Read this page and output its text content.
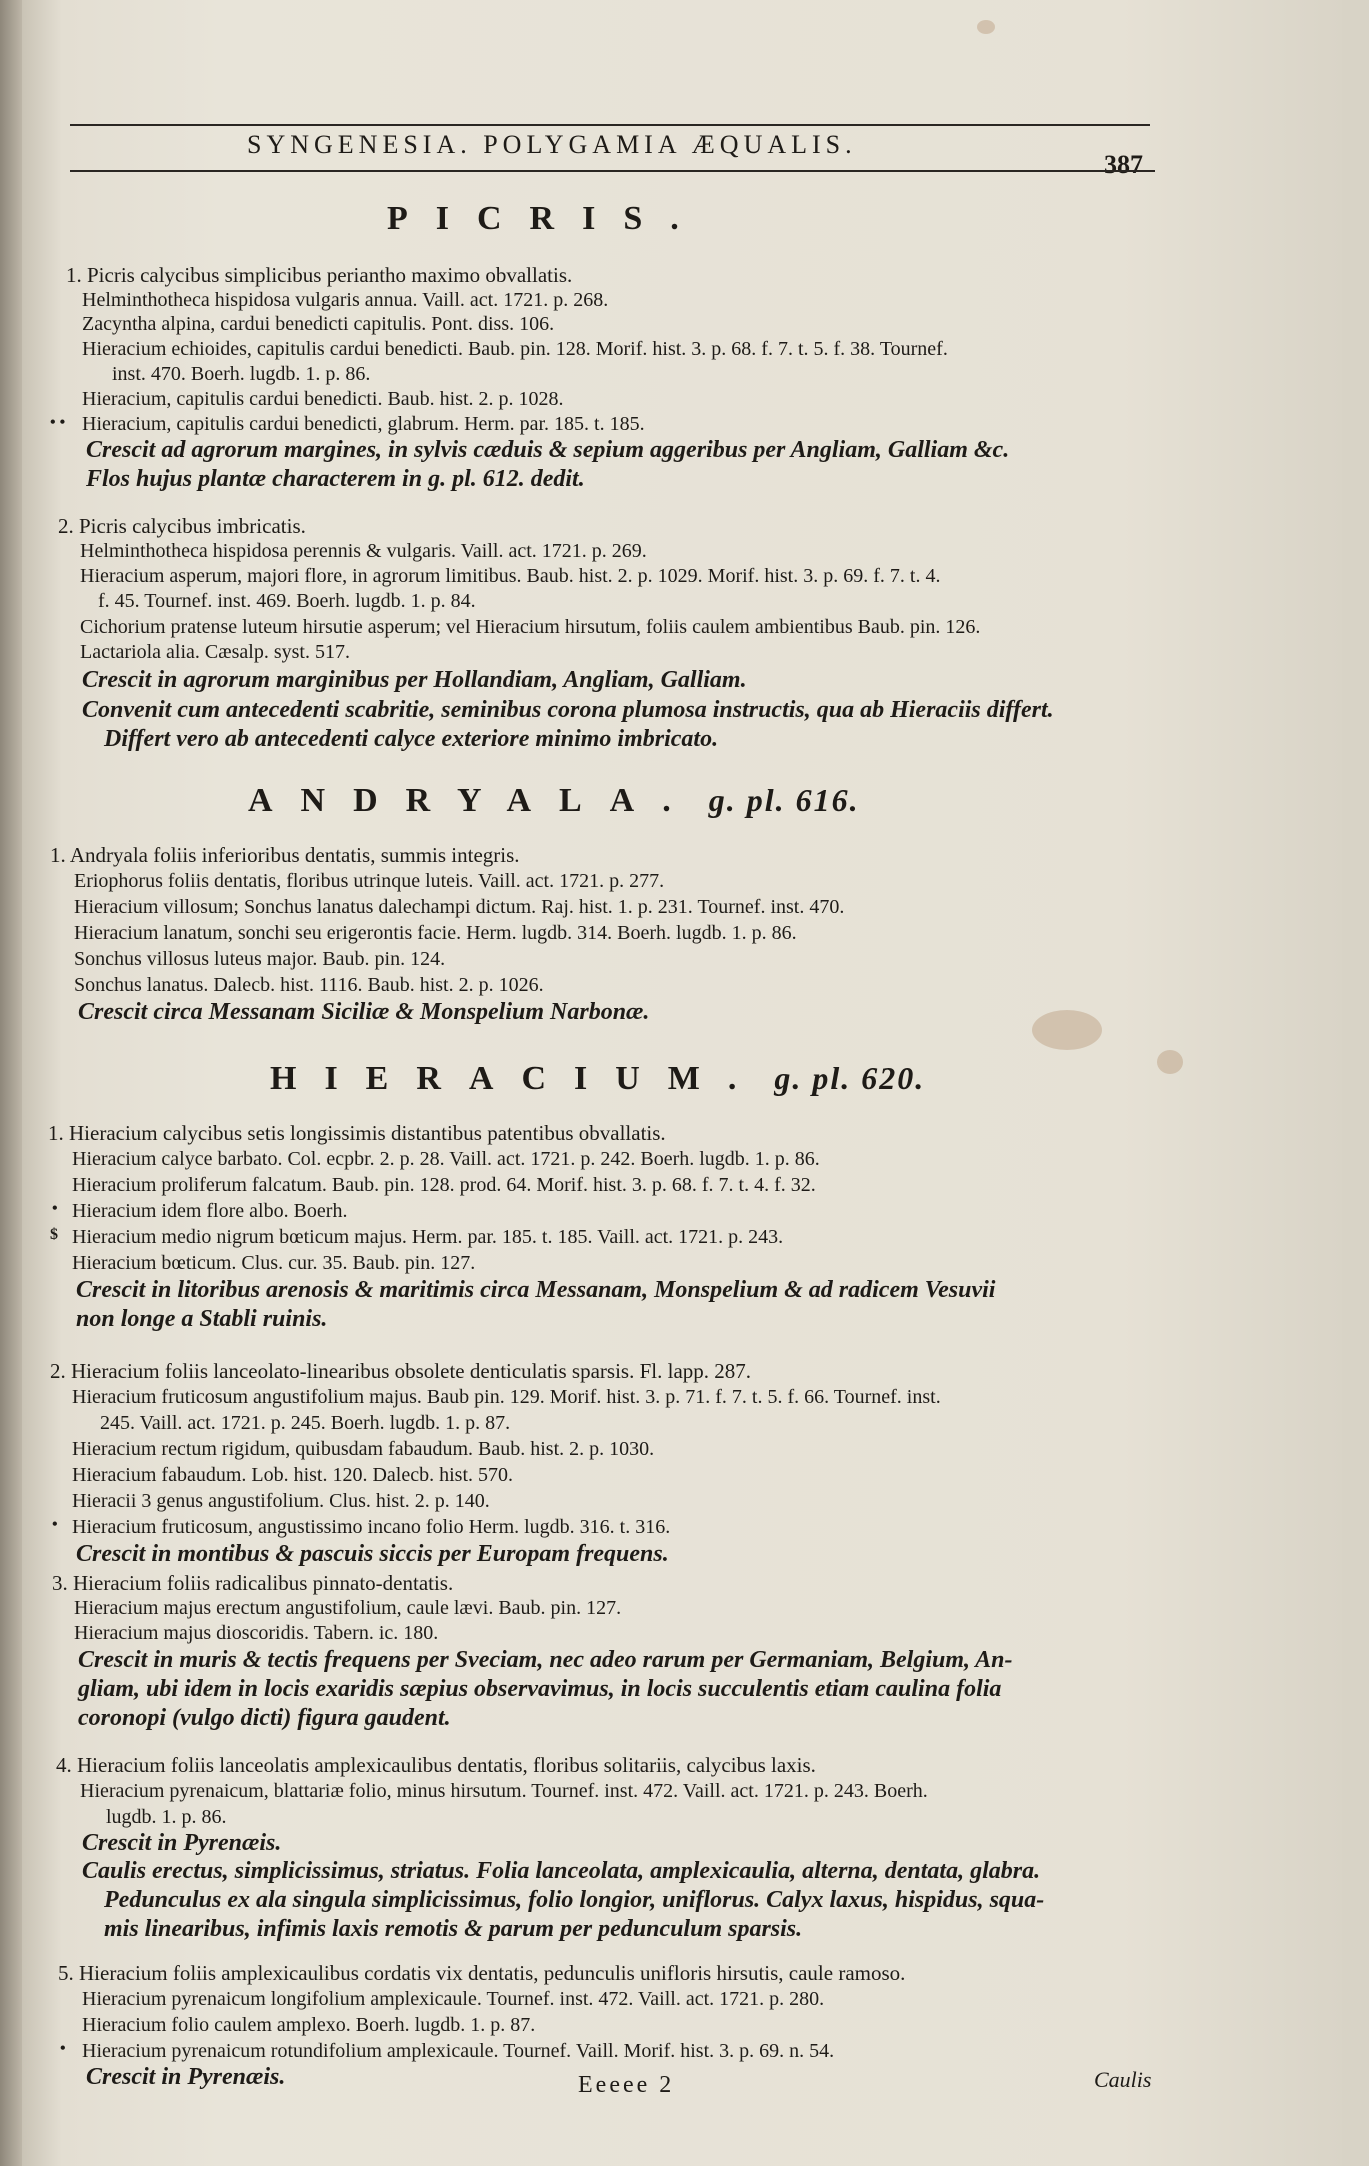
SYNGENESIA. POLYGAMIA ÆQUALIS.
387
PICRIS.
1. Picris calycibus simplicibus periantho maximo obvallatis.
Helminthotheca hispidosa vulgaris annua. Vaill. act. 1721. p. 268.
Zacyntha alpina, cardui benedicti capitulis. Pont. diss. 106.
Hieracium echioides, capitulis cardui benedicti. Baub. pin. 128. Morif. hist. 3. p. 68. f. 7. t. 5. f. 38. Tournef.
inst. 470. Boerh. lugdb. 1. p. 86.
Hieracium, capitulis cardui benedicti. Baub. hist. 2. p. 1028.
• • Hieracium, capitulis cardui benedicti, glabrum. Herm. par. 185. t. 185.
Crescit ad agrorum margines, in sylvis cæduis & sepium aggeribus per Angliam, Galliam &c.
Flos hujus plantæ characterem in g. pl. 612. dedit.
2. Picris calycibus imbricatis.
Helminthotheca hispidosa perennis & vulgaris. Vaill. act. 1721. p. 269.
Hieracium asperum, majori flore, in agrorum limitibus. Baub. hist. 2. p. 1029. Morif. hist. 3. p. 69. f. 7. t. 4.
f. 45. Tournef. inst. 469. Boerh. lugdb. 1. p. 84.
Cichorium pratense luteum hirsutie asperum; vel Hieracium hirsutum, foliis caulem ambientibus Baub. pin. 126.
Lactariola alia. Cæsalp. syst. 517.
Crescit in agrorum marginibus per Hollandiam, Angliam, Galliam.
Convenit cum antecedenti scabritie, seminibus corona plumosa instructis, qua ab Hieraciis differt.
Differt vero ab antecedenti calyce exteriore minimo imbricato.
ANDRYALA. g. pl. 616.
1. Andryala foliis inferioribus dentatis, summis integris.
Eriophorus foliis dentatis, floribus utrinque luteis. Vaill. act. 1721. p. 277.
Hieracium villosum; Sonchus lanatus dalechampi dictum. Raj. hist. 1. p. 231. Tournef. inst. 470.
Hieracium lanatum, sonchi seu erigerontis facie. Herm. lugdb. 314. Boerh. lugdb. 1. p. 86.
Sonchus villosus luteus major. Baub. pin. 124.
Sonchus lanatus. Dalecb. hist. 1116. Baub. hist. 2. p. 1026.
Crescit circa Messanam Siciliæ & Monspelium Narbonæ.
HIERACIUM. g. pl. 620.
1. Hieracium calycibus setis longissimis distantibus patentibus obvallatis.
Hieracium calyce barbato. Col. ecpbr. 2. p. 28. Vaill. act. 1721. p. 242. Boerh. lugdb. 1. p. 86.
Hieracium proliferum falcatum. Baub. pin. 128. prod. 64. Morif. hist. 3. p. 68. f. 7. t. 4. f. 32.
• Hieracium idem flore albo. Boerh.
$ Hieracium medio nigrum bœticum majus. Herm. par. 185. t. 185. Vaill. act. 1721. p. 243.
Hieracium bœticum. Clus. cur. 35. Baub. pin. 127.
Crescit in litoribus arenosis & maritimis circa Messanam, Monspelium & ad radicem Vesuvii
non longe a Stabli ruinis.
2. Hieracium foliis lanceolato-linearibus obsolete denticulatis sparsis. Fl. lapp. 287.
Hieracium fruticosum angustifolium majus. Baub pin. 129. Morif. hist. 3. p. 71. f. 7. t. 5. f. 66. Tournef. inst.
245. Vaill. act. 1721. p. 245. Boerh. lugdb. 1. p. 87.
Hieracium rectum rigidum, quibusdam fabaudum. Baub. hist. 2. p. 1030.
Hieracium fabaudum. Lob. hist. 120. Dalecb. hist. 570.
Hieracii 3 genus angustifolium. Clus. hist. 2. p. 140.
• Hieracium fruticosum, angustissimo incano folio Herm. lugdb. 316. t. 316.
Crescit in montibus & pascuis siccis per Europam frequens.
3. Hieracium foliis radicalibus pinnato-dentatis.
Hieracium majus erectum angustifolium, caule lævi. Baub. pin. 127.
Hieracium majus dioscoridis. Tabern. ic. 180.
Crescit in muris & tectis frequens per Sveciam, nec adeo rarum per Germaniam, Belgium, An-
gliam, ubi idem in locis exaridis sæpius observavimus, in locis succulentis etiam caulina folia
coronopi (vulgo dicti) figura gaudent.
4. Hieracium foliis lanceolatis amplexicaulibus dentatis, floribus solitariis, calycibus laxis.
Hieracium pyrenaicum, blattariæ folio, minus hirsutum. Tournef. inst. 472. Vaill. act. 1721. p. 243. Boerh.
lugdb. 1. p. 86.
Crescit in Pyrenæis.
Caulis erectus, simplicissimus, striatus. Folia lanceolata, amplexicaulia, alterna, dentata, glabra.
Pedunculus ex ala singula simplicissimus, folio longior, uniflorus. Calyx laxus, hispidus, squa-
mis linearibus, infimis laxis remotis & parum per pedunculum sparsis.
5. Hieracium foliis amplexicaulibus cordatis vix dentatis, pedunculis unifloris hirsutis, caule ramoso.
Hieracium pyrenaicum longifolium amplexicaule. Tournef. inst. 472. Vaill. act. 1721. p. 280.
Hieracium folio caulem amplexo. Boerh. lugdb. 1. p. 87.
• Hieracium pyrenaicum rotundifolium amplexicaule. Tournef. Vaill. Morif. hist. 3. p. 69. n. 54.
Crescit in Pyrenæis.	Eeeee 2	Caulis
